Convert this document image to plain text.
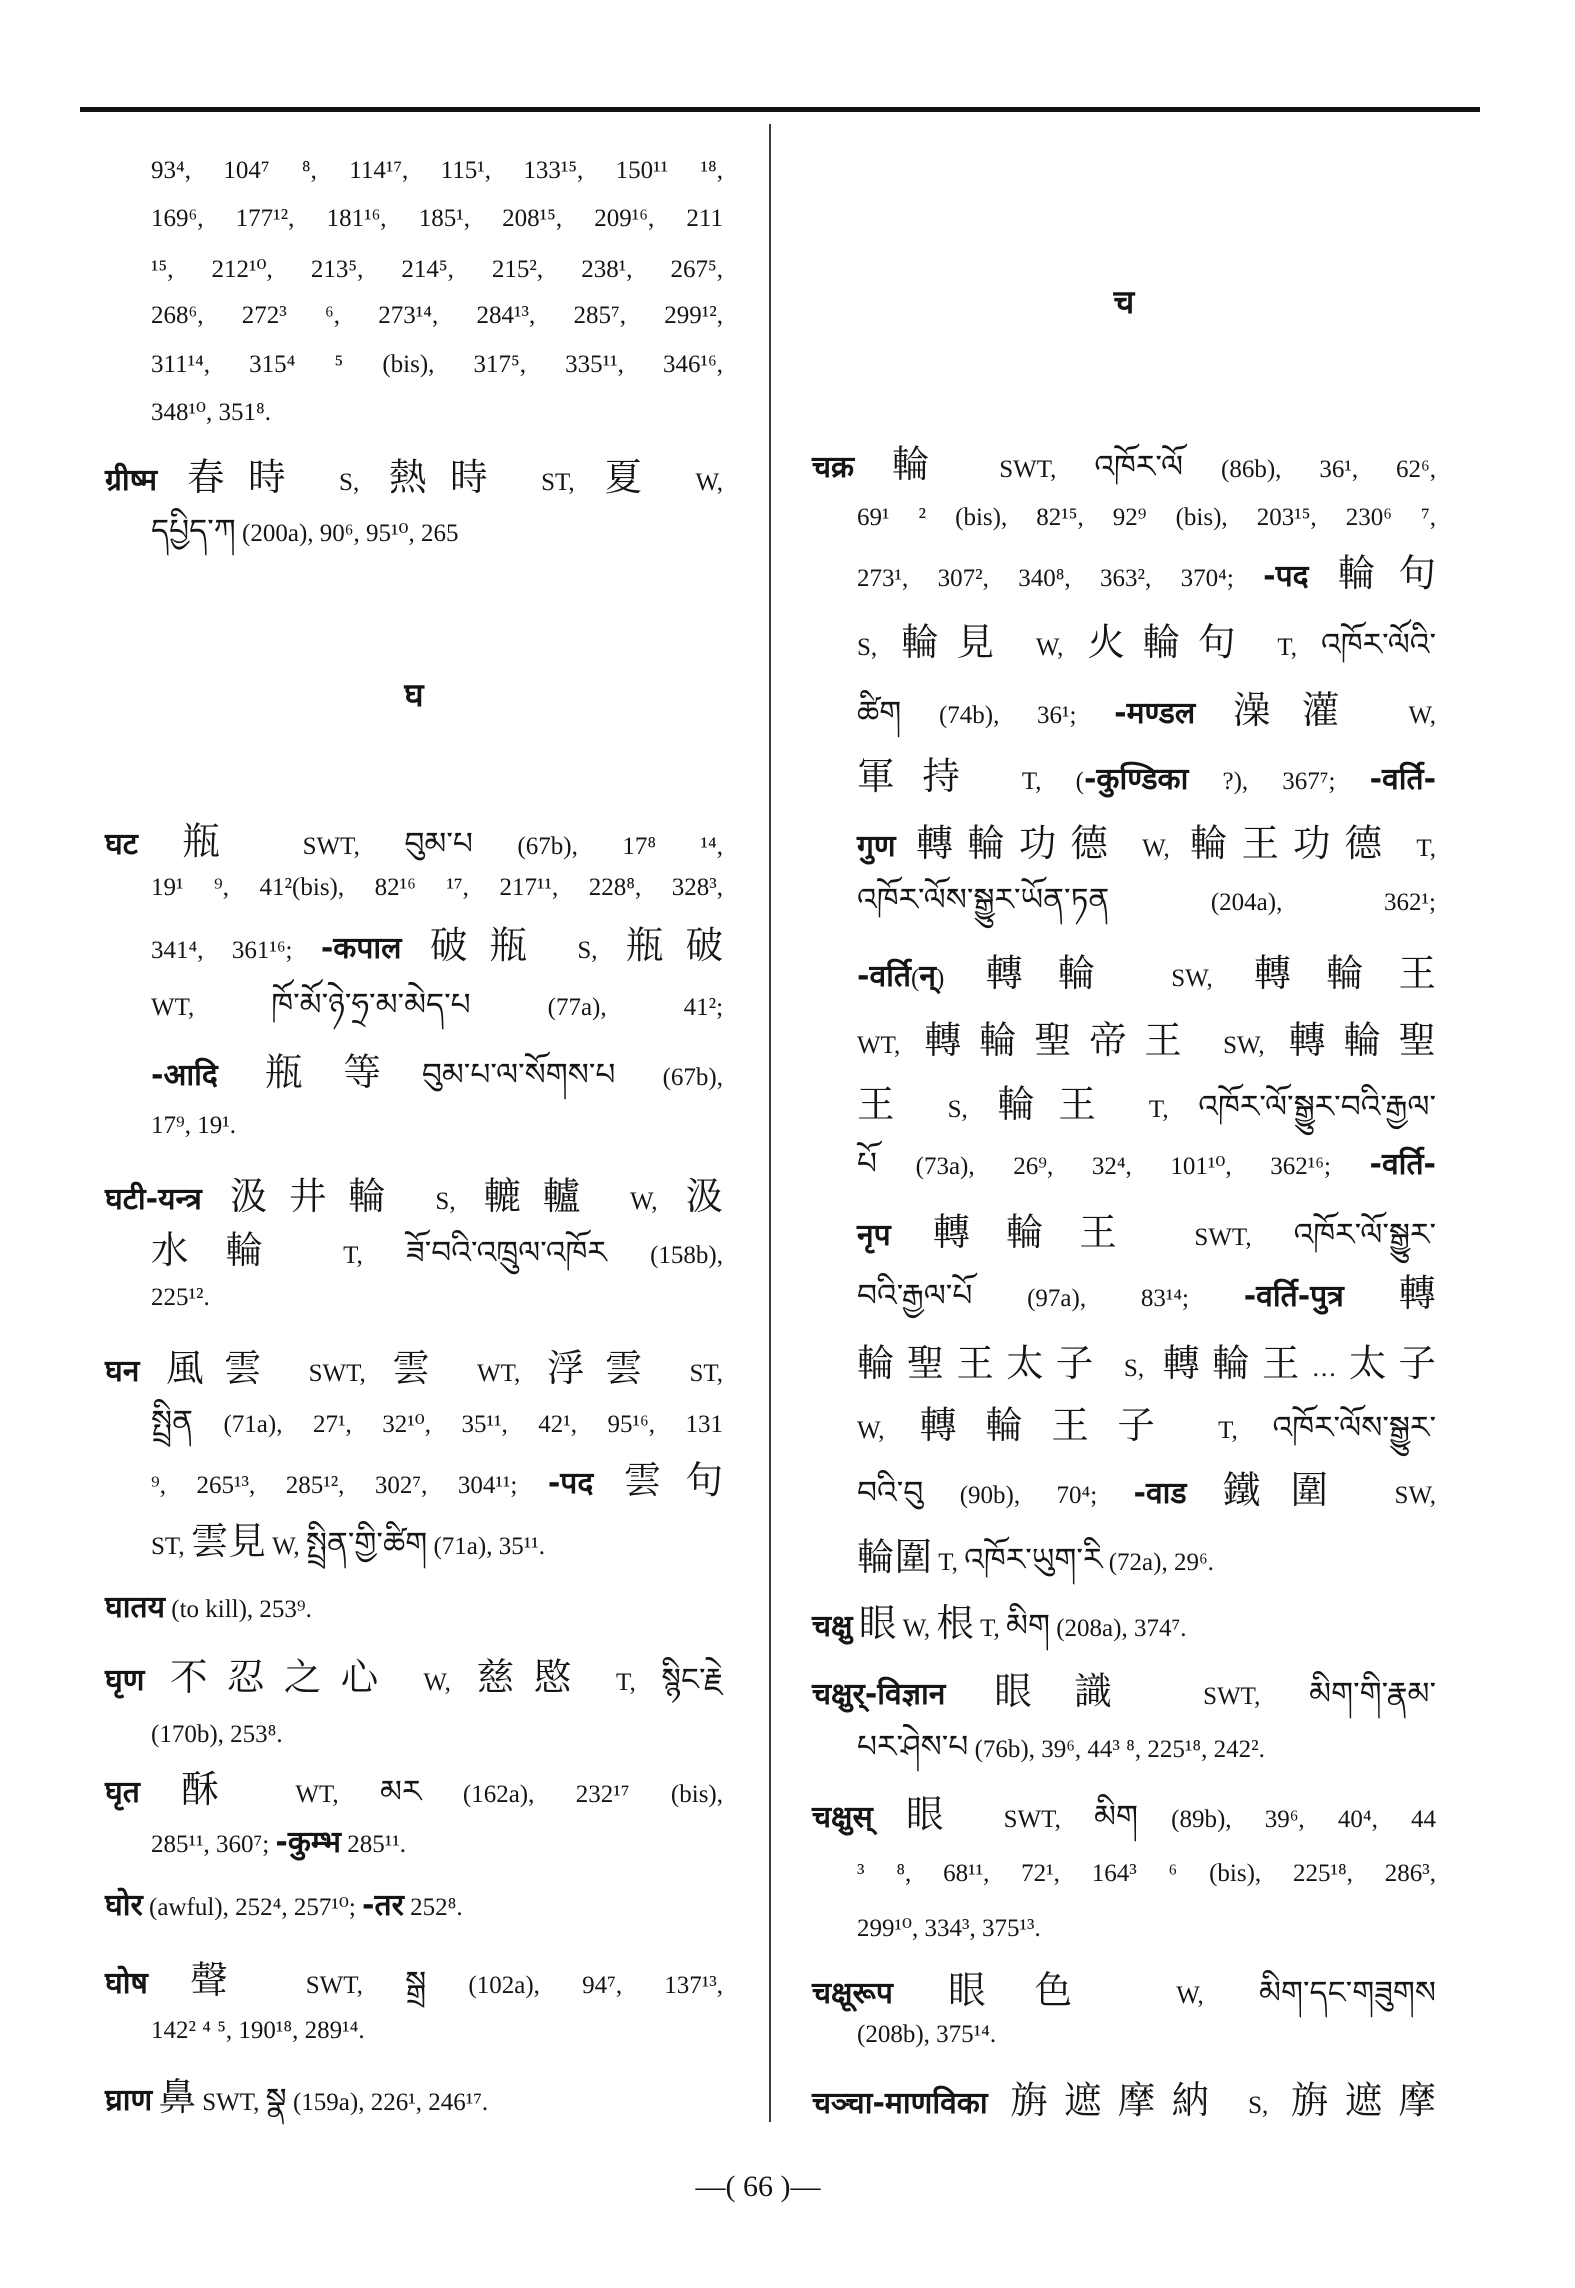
93⁴, 104⁷ ⁸, 114¹⁷, 115¹, 133¹⁵, 150¹¹ ¹⁸,
169⁶, 177¹², 181¹⁶, 185¹, 208¹⁵, 209¹⁶, 211
¹⁵, 212¹⁰, 213⁵, 214⁵, 215², 238¹, 267⁵,
268⁶, 272³ ⁶, 273¹⁴, 284¹³, 285⁷, 299¹²,
311¹⁴, 315⁴ ⁵ (bis), 317⁵, 335¹¹, 346¹⁶,
348¹⁰, 351⁸.
ग्रीष्म 春時 S, 熱時 ST, 夏 W,
དཔྱིད་ཀ (200a), 90⁶, 95¹⁰, 265
घ
घट 瓶 SWT, བུམ་པ (67b), 17⁸ ¹⁴,
19¹ ⁹, 41²(bis), 82¹⁶ ¹⁷, 217¹¹, 228⁸, 328³,
341⁴, 361¹⁶; -कपाल 破瓶 S, 瓶破
WT, ཁོ་མོ་ཉེ་ཧྲ་མ་མེད་པ (77a), 41²;
-आदि 瓶等བུམ་པ་ལ་སོགས་པ (67b),
17⁹, 19¹.
घटी-यन्त्र 汲井輪 S, 轆轤 W, 汲
水輪 T, ཟོ་བའི་འཁྲུལ་འཁོར (158b),
225¹².
घन 風雲 SWT, 雲 WT, 浮雲 ST,
སྤྲིན (71a), 27¹, 32¹⁰, 35¹¹, 42¹, 95¹⁶, 131
⁹, 265¹³, 285¹², 302⁷, 304¹¹; -पद 雲句
ST, 雲見 W, སྤྲིན་གྱི་ཚིག (71a), 35¹¹.
घातय (to kill), 253⁹.
घृण 不忍之心 W, 慈愍 T, སྙིང་རྗེ
(170b), 253⁸.
घृत 酥 WT, མར (162a), 232¹⁷ (bis),
285¹¹, 360⁷; -कुम्भ 285¹¹.
घोर (awful), 252⁴, 257¹⁰; -तर 252⁸.
घोष 聲 SWT, སྒྲ (102a), 94⁷, 137¹³,
142² ⁴ ⁵, 190¹⁸, 289¹⁴.
घ्राण 鼻 SWT, སྣ (159a), 226¹, 246¹⁷.
च
चक्र 輪 SWT, འཁོར་ལོ (86b), 36¹, 62⁶,
69¹ ² (bis), 82¹⁵, 92⁹ (bis), 203¹⁵, 230⁶ ⁷,
273¹, 307², 340⁸, 363², 370⁴; -पद 輪句
S, 輪見 W, 火輪句 T, འཁོར་ལོའི་
ཚིག (74b), 36¹; -मण्डल 澡灌 W,
軍持 T, (-कुण्डिका ?), 367⁷; -वर्ति-
गुण 轉輪功德 W, 輪王功德 T,
འཁོར་ལོས་སྒྱུར་ཡོན་ཏན (204a), 362¹;
-वर्ति(न्) 轉輪 SW, 轉輪王
WT, 轉輪聖帝王 SW, 轉輪聖
王 S, 輪王 T, འཁོར་ལོ་སྒྱུར་བའི་རྒྱལ་
པོ (73a), 26⁹, 32⁴, 101¹⁰, 362¹⁶; -वर्ति-
नृप 轉輪王 SWT, འཁོར་ལོ་སྒྱུར་
བའི་རྒྱལ་པོ (97a), 83¹⁴; -वर्ति-पुत्र 轉
輪聖王太子 S, 轉輪王…太子
W, 轉輪王子 T, འཁོར་ལོས་སྒྱུར་
བའི་བུ (90b), 70⁴; -वाड 鐵圍 SW,
輪圍 T, འཁོར་ཡུག་རི (72a), 29⁶.
चक्षु 眼 W, 根 T, མིག (208a), 374⁷.
चक्षुर्-विज्ञान 眼識 SWT, མིག་གི་རྣམ་
པར་ཤེས་པ (76b), 39⁶, 44³ ⁸, 225¹⁸, 242².
चक्षुस् 眼 SWT, མིག (89b), 39⁶, 40⁴, 44
³ ⁸, 68¹¹, 72¹, 164³ ⁶ (bis), 225¹⁸, 286³,
299¹⁰, 334³, 375¹³.
चक्षूरूप 眼色 W, མིག་དང་གཟུགས
(208b), 375¹⁴.
चञ्चा-माणविका 旃遮摩納 S, 旃遮摩
—( 66 )—
